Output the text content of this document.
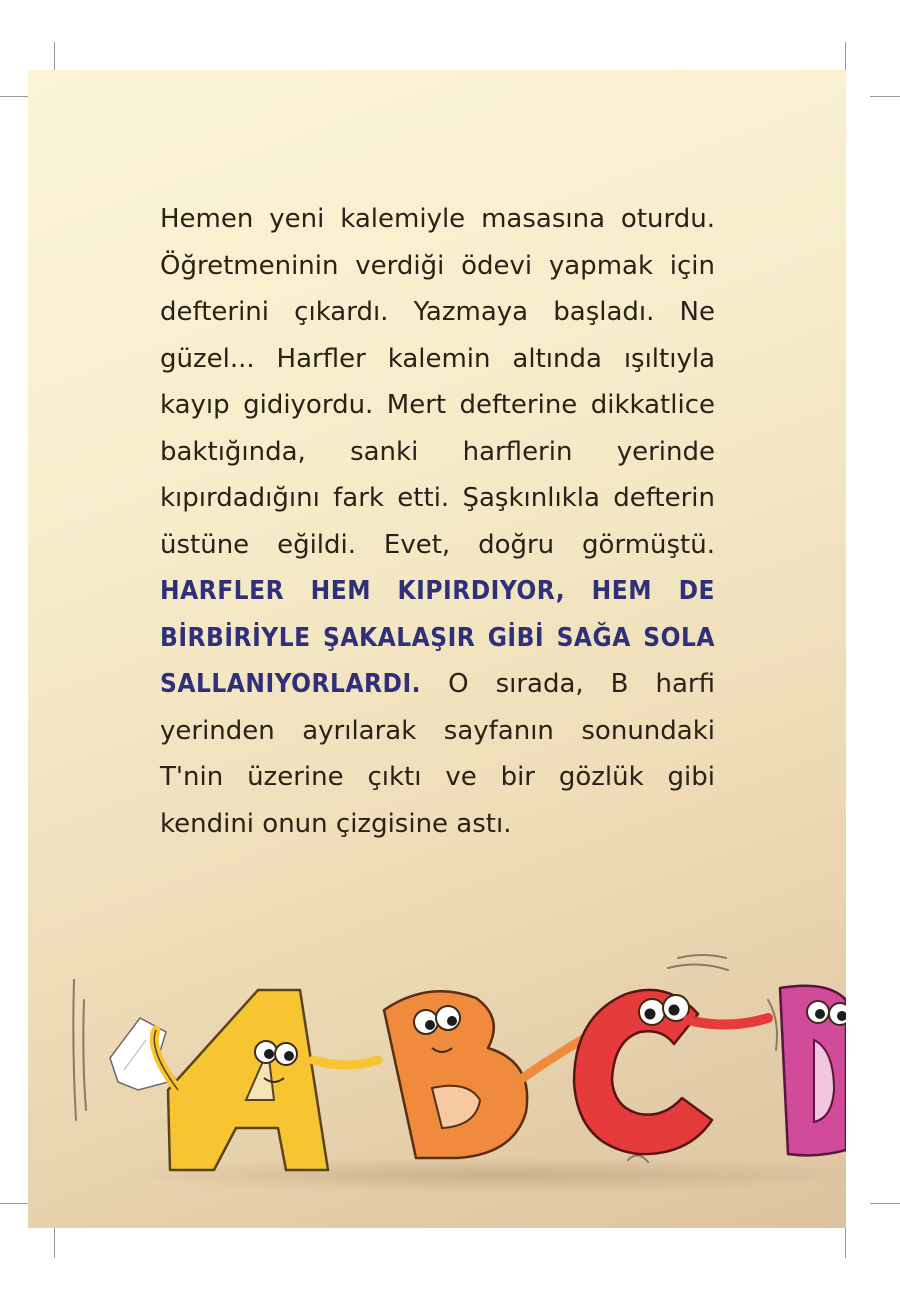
Hemen yeni kalemiyle masasına oturdu. Öğretmeninin verdiği ödevi yapmak için defterini çıkardı. Yazmaya başladı. Ne güzel... Harfler kalemin altında ışıltıyla kayıp gidiyordu. Mert defterine dikkatlice baktığında, sanki harflerin yerinde kıpırdadığını fark etti. Şaşkınlıkla defterin üstüne eğildi. Evet, doğru görmüştü. HARFLER HEM KIPIRDIYOR, HEM DE BİRBİRİYLE ŞAKALAŞIR GİBİ SAĞA SOLA SALLANIYORLARDI. O sırada, B harfi yerinden ayrılarak sayfanın sonundaki T'nin üzerine çıktı ve bir gözlük gibi kendini onun çizgisine astı.
